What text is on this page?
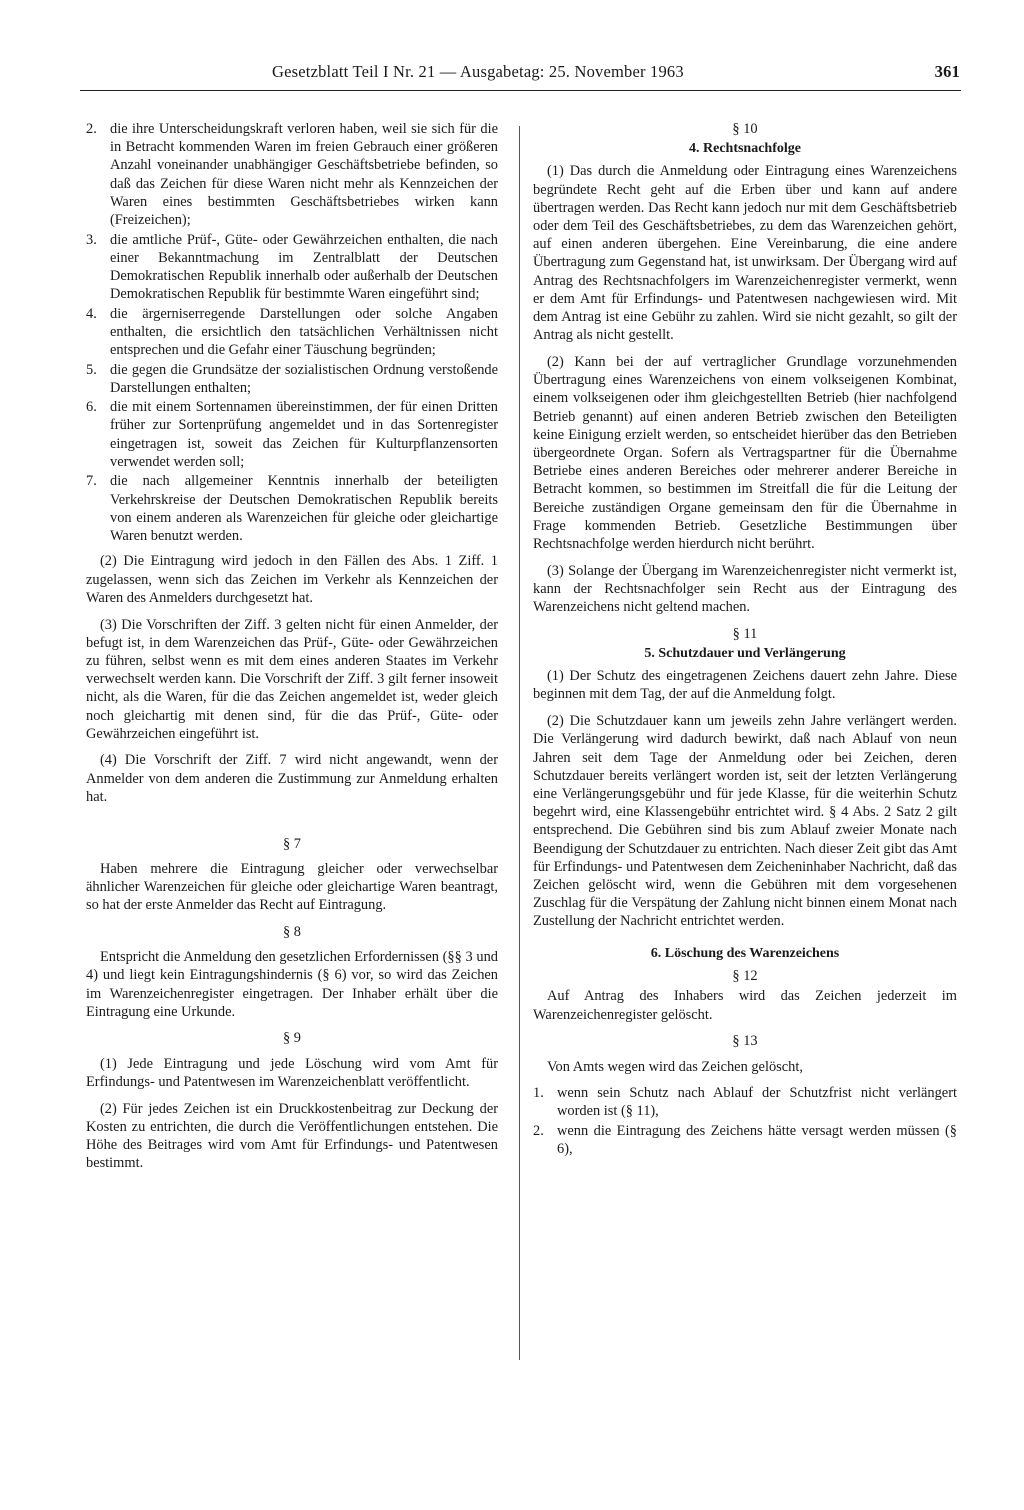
Gesetzblatt Teil I Nr. 21 — Ausgabetag: 25. November 1963	361
2. die ihre Unterscheidungskraft verloren haben, weil sie sich für die in Betracht kommenden Waren im freien Gebrauch einer größeren Anzahl voneinander unabhängiger Geschäftsbetriebe befinden, so daß das Zeichen für diese Waren nicht mehr als Kennzeichen der Waren eines bestimmten Geschäftsbetriebes wirken kann (Freizeichen);
3. die amtliche Prüf-, Güte- oder Gewährzeichen enthalten, die nach einer Bekanntmachung im Zentralblatt der Deutschen Demokratischen Republik innerhalb oder außerhalb der Deutschen Demokratischen Republik für bestimmte Waren eingeführt sind;
4. die ärgerniserregende Darstellungen oder solche Angaben enthalten, die ersichtlich den tatsächlichen Verhältnissen nicht entsprechen und die Gefahr einer Täuschung begründen;
5. die gegen die Grundsätze der sozialistischen Ordnung verstoßende Darstellungen enthalten;
6. die mit einem Sortennamen übereinstimmen, der für einen Dritten früher zur Sortenprüfung angemeldet und in das Sortenregister eingetragen ist, soweit das Zeichen für Kulturpflanzensorten verwendet werden soll;
7. die nach allgemeiner Kenntnis innerhalb der beteiligten Verkehrskreise der Deutschen Demokratischen Republik bereits von einem anderen als Warenzeichen für gleiche oder gleichartige Waren benutzt werden.

(2) Die Eintragung wird jedoch in den Fällen des Abs. 1 Ziff. 1 zugelassen, wenn sich das Zeichen im Verkehr als Kennzeichen der Waren des Anmelders durchgesetzt hat.

(3) Die Vorschriften der Ziff. 3 gelten nicht für einen Anmelder, der befugt ist, in dem Warenzeichen das Prüf-, Güte- oder Gewährzeichen zu führen, selbst wenn es mit dem eines anderen Staates im Verkehr verwechselt werden kann. Die Vorschrift der Ziff. 3 gilt ferner insoweit nicht, als die Waren, für die das Zeichen angemeldet ist, weder gleich noch gleichartig mit denen sind, für die das Prüf-, Güte- oder Gewährzeichen eingeführt ist.

(4) Die Vorschrift der Ziff. 7 wird nicht angewandt, wenn der Anmelder von dem anderen die Zustimmung zur Anmeldung erhalten hat.

§ 7

Haben mehrere die Eintragung gleicher oder verwechselbar ähnlicher Warenzeichen für gleiche oder gleichartige Waren beantragt, so hat der erste Anmelder das Recht auf Eintragung.

§ 8

Entspricht die Anmeldung den gesetzlichen Erfordernissen (§§ 3 und 4) und liegt kein Eintragungshindernis (§ 6) vor, so wird das Zeichen im Warenzeichenregister eingetragen. Der Inhaber erhält über die Eintragung eine Urkunde.

§ 9

(1) Jede Eintragung und jede Löschung wird vom Amt für Erfindungs- und Patentwesen im Warenzeichenblatt veröffentlicht.

(2) Für jedes Zeichen ist ein Druckkostenbeitrag zur Deckung der Kosten zu entrichten, die durch die Veröffentlichungen entstehen. Die Höhe des Beitrages wird vom Amt für Erfindungs- und Patentwesen bestimmt.

§ 10
4. Rechtsnachfolge

(1) Das durch die Anmeldung oder Eintragung eines Warenzeichens begründete Recht geht auf die Erben über und kann auf andere übertragen werden. Das Recht kann jedoch nur mit dem Geschäftsbetrieb oder dem Teil des Geschäftsbetriebes, zu dem das Warenzeichen gehört, auf einen anderen übergehen. Eine Vereinbarung, die eine andere Übertragung zum Gegenstand hat, ist unwirksam. Der Übergang wird auf Antrag des Rechtsnachfolgers im Warenzeichenregister vermerkt, wenn er dem Amt für Erfindungs- und Patentwesen nachgewiesen wird. Mit dem Antrag ist eine Gebühr zu zahlen. Wird sie nicht gezahlt, so gilt der Antrag als nicht gestellt.

(2) Kann bei der auf vertraglicher Grundlage vorzunehmenden Übertragung eines Warenzeichens von einem volkseigenen Kombinat, einem volkseigenen oder ihm gleichgestellten Betrieb (hier nachfolgend Betrieb genannt) auf einen anderen Betrieb zwischen den Beteiligten keine Einigung erzielt werden, so entscheidet hierüber das den Betrieben übergeordnete Organ. Sofern als Vertragspartner für die Übernahme Betriebe eines anderen Bereiches oder mehrerer anderer Bereiche in Betracht kommen, so bestimmen im Streitfall die für die Leitung der Bereiche zuständigen Organe gemeinsam den für die Übernahme in Frage kommenden Betrieb. Gesetzliche Bestimmungen über Rechtsnachfolge werden hierdurch nicht berührt.

(3) Solange der Übergang im Warenzeichenregister nicht vermerkt ist, kann der Rechtsnachfolger sein Recht aus der Eintragung des Warenzeichens nicht geltend machen.

§ 11
5. Schutzdauer und Verlängerung

(1) Der Schutz des eingetragenen Zeichens dauert zehn Jahre. Diese beginnen mit dem Tag, der auf die Anmeldung folgt.

(2) Die Schutzdauer kann um jeweils zehn Jahre verlängert werden. Die Verlängerung wird dadurch bewirkt, daß nach Ablauf von neun Jahren seit dem Tage der Anmeldung oder bei Zeichen, deren Schutzdauer bereits verlängert worden ist, seit der letzten Verlängerung eine Verlängerungsgebühr und für jede Klasse, für die weiterhin Schutz begehrt wird, eine Klassengebühr entrichtet wird. § 4 Abs. 2 Satz 2 gilt entsprechend. Die Gebühren sind bis zum Ablauf zweier Monate nach Beendigung der Schutzdauer zu entrichten. Nach dieser Zeit gibt das Amt für Erfindungs- und Patentwesen dem Zeicheninhaber Nachricht, daß das Zeichen gelöscht wird, wenn die Gebühren mit dem vorgesehenen Zuschlag für die Verspätung der Zahlung nicht binnen einem Monat nach Zustellung der Nachricht entrichtet werden.

6. Löschung des Warenzeichens
§ 12

Auf Antrag des Inhabers wird das Zeichen jederzeit im Warenzeichenregister gelöscht.

§ 13

Von Amts wegen wird das Zeichen gelöscht,

1. wenn sein Schutz nach Ablauf der Schutzfrist nicht verlängert worden ist (§ 11),
2. wenn die Eintragung des Zeichens hätte versagt werden müssen (§ 6),
